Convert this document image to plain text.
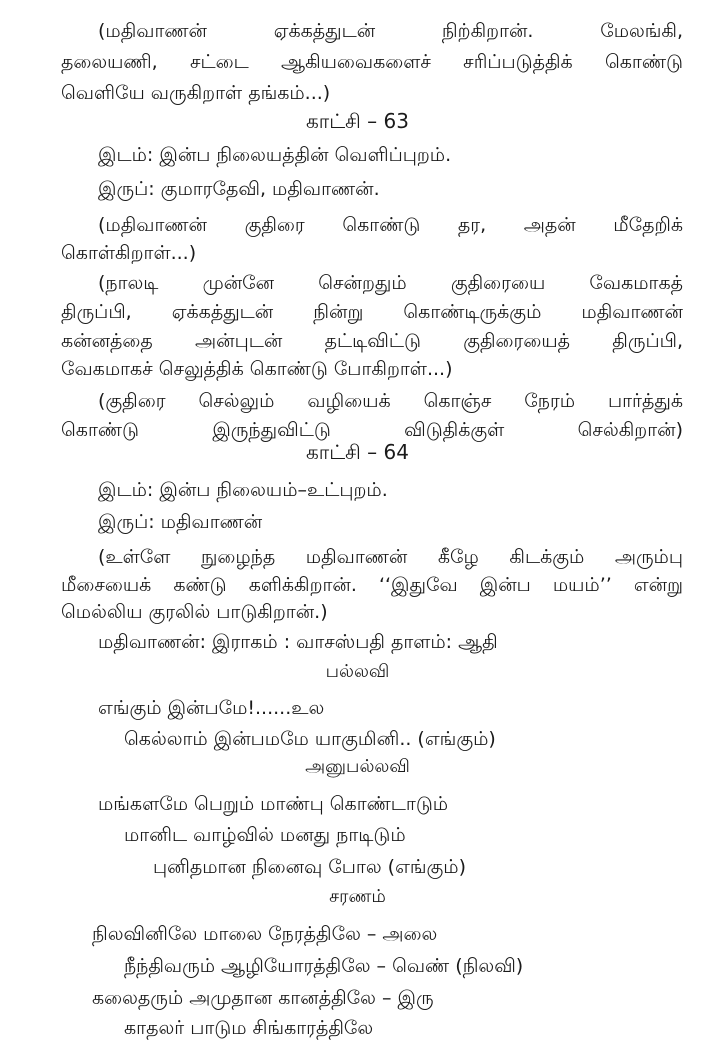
(மதிவாணன் ஏக்கத்துடன் நிற்கிறான். மேலங்கி,
தலையணி, சட்டை ஆகியவைகளைச் சரிப்படுத்திக் கொண்டு
வெளியே வருகிறாள் தங்கம்...)
காட்சி – 63
இடம்: இன்ப நிலையத்தின் வெளிப்புறம்.
இருப்: குமாரதேவி, மதிவாணன்.
(மதிவாணன் குதிரை கொண்டு தர, அதன் மீதேறிக்
கொள்கிறாள்...)
(நாலடி முன்னே சென்றதும் குதிரையை வேகமாகத்
திருப்பி, ஏக்கத்துடன் நின்று கொண்டிருக்கும் மதிவாணன்
கன்னத்தை அன்புடன் தட்டிவிட்டு குதிரையைத் திருப்பி,
வேகமாகச் செலுத்திக் கொண்டு போகிறாள்...)
(குதிரை செல்லும் வழியைக் கொஞ்ச நேரம் பார்த்துக்
கொண்டு இருந்துவிட்டு விடுதிக்குள் செல்கிறான்)
காட்சி – 64
இடம்: இன்ப நிலையம்–உட்புறம்.
இருப்: மதிவாணன்
(உள்ளே நுழைந்த மதிவாணன் கீழே கிடக்கும் அரும்பு
மீசையைக் கண்டு களிக்கிறான். ‘‘இதுவே இன்ப மயம்’’ என்று
மெல்லிய குரலில் பாடுகிறான்.)
மதிவாணன்: இராகம் : வாசஸ்பதி தாளம்: ஆதி
பல்லவி
எங்கும் இன்பமே!......உல
கெல்லாம் இன்பமமே யாகுமினி.. (எங்கும்)
அனுபல்லவி
மங்களமே பெறும் மாண்பு கொண்டாடும்
மானிட வாழ்வில் மனது நாடிடும்
புனிதமான நினைவு போல (எங்கும்)
சரணம்
நிலவினிலே மாலை நேரத்திலே – அலை
நீந்திவரும் ஆழியோரத்திலே – வெண் (நிலவி)
கலைதரும் அமுதான கானத்திலே – இரு
காதலர் பாடும சிங்காரத்திலே
